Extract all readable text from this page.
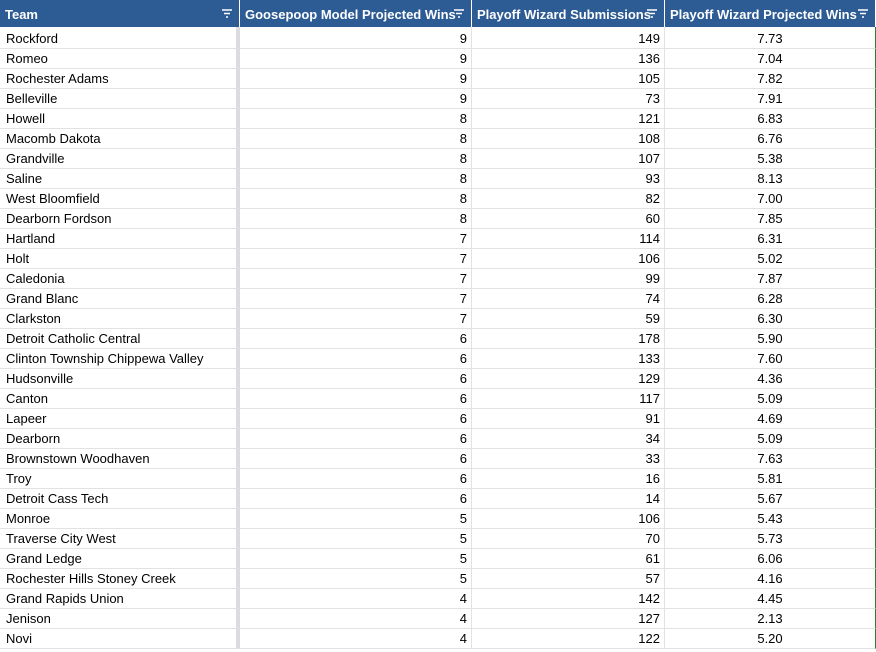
Team	Goosepoop Model Projected Wins	Playoff Wizard Submissions	Playoff Wizard Projected Wins

Rockford	9	149	7.73
Romeo	9	136	7.04
Rochester Adams	9	105	7.82
Belleville	9	73	7.91
Howell	8	121	6.83
Macomb Dakota	8	108	6.76
Grandville	8	107	5.38
Saline	8	93	8.13
West Bloomfield	8	82	7.00
Dearborn Fordson	8	60	7.85
Hartland	7	114	6.31
Holt	7	106	5.02
Caledonia	7	99	7.87
Grand Blanc	7	74	6.28
Clarkston	7	59	6.30
Detroit Catholic Central	6	178	5.90
Clinton Township Chippewa Valley	6	133	7.60
Hudsonville	6	129	4.36
Canton	6	117	5.09
Lapeer	6	91	4.69
Dearborn	6	34	5.09
Brownstown Woodhaven	6	33	7.63
Troy	6	16	5.81
Detroit Cass Tech	6	14	5.67
Monroe	5	106	5.43
Traverse City West	5	70	5.73
Grand Ledge	5	61	6.06
Rochester Hills Stoney Creek	5	57	4.16
Grand Rapids Union	4	142	4.45
Jenison	4	127	2.13
Novi	4	122	5.20
